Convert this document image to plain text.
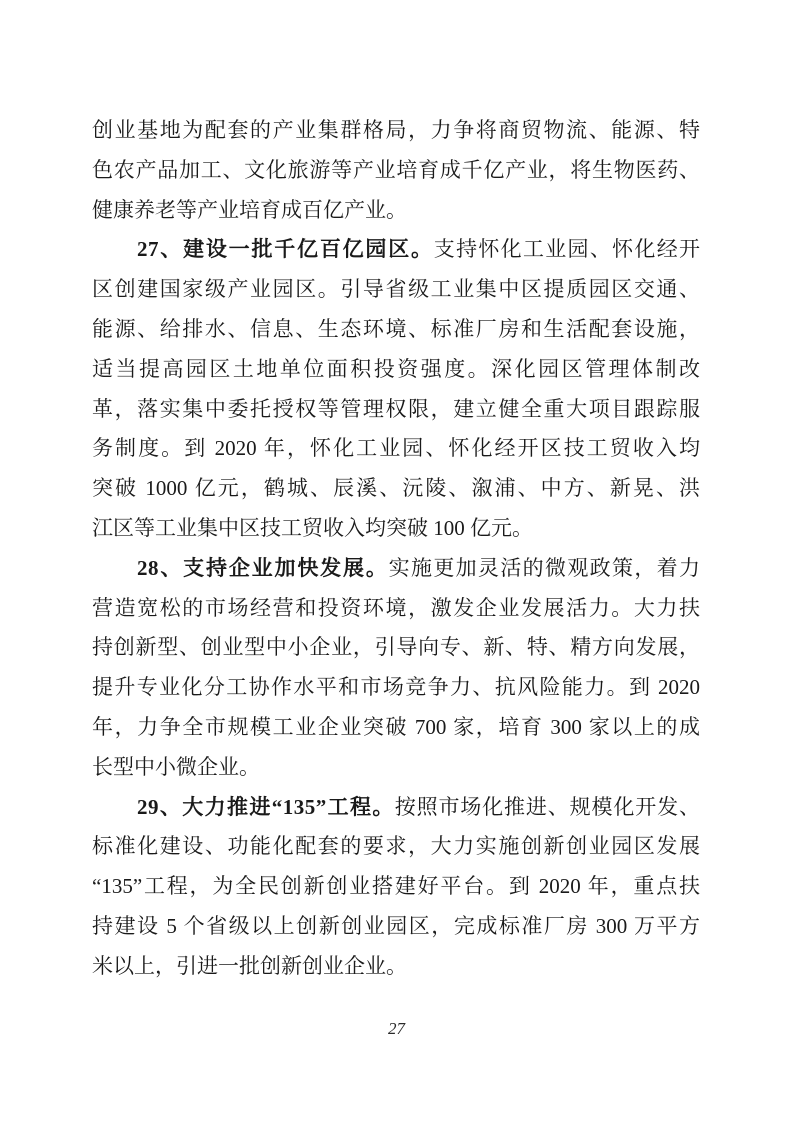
创业基地为配套的产业集群格局，力争将商贸物流、能源、特
色农产品加工、文化旅游等产业培育成千亿产业，将生物医药、
健康养老等产业培育成百亿产业。
27、建设一批千亿百亿园区。支持怀化工业园、怀化经开
区创建国家级产业园区。引导省级工业集中区提质园区交通、
能源、给排水、信息、生态环境、标准厂房和生活配套设施，
适当提高园区土地单位面积投资强度。深化园区管理体制改
革，落实集中委托授权等管理权限，建立健全重大项目跟踪服
务制度。到 2020 年，怀化工业园、怀化经开区技工贸收入均
突破 1000 亿元，鹤城、辰溪、沅陵、溆浦、中方、新晃、洪
江区等工业集中区技工贸收入均突破 100 亿元。
28、支持企业加快发展。实施更加灵活的微观政策，着力
营造宽松的市场经营和投资环境，激发企业发展活力。大力扶
持创新型、创业型中小企业，引导向专、新、特、精方向发展，
提升专业化分工协作水平和市场竞争力、抗风险能力。到 2020
年，力争全市规模工业企业突破 700 家，培育 300 家以上的成
长型中小微企业。
29、大力推进“135”工程。按照市场化推进、规模化开发、
标准化建设、功能化配套的要求，大力实施创新创业园区发展
“135”工程，为全民创新创业搭建好平台。到 2020 年，重点扶
持建设 5 个省级以上创新创业园区，完成标准厂房 300 万平方
米以上，引进一批创新创业企业。
27
